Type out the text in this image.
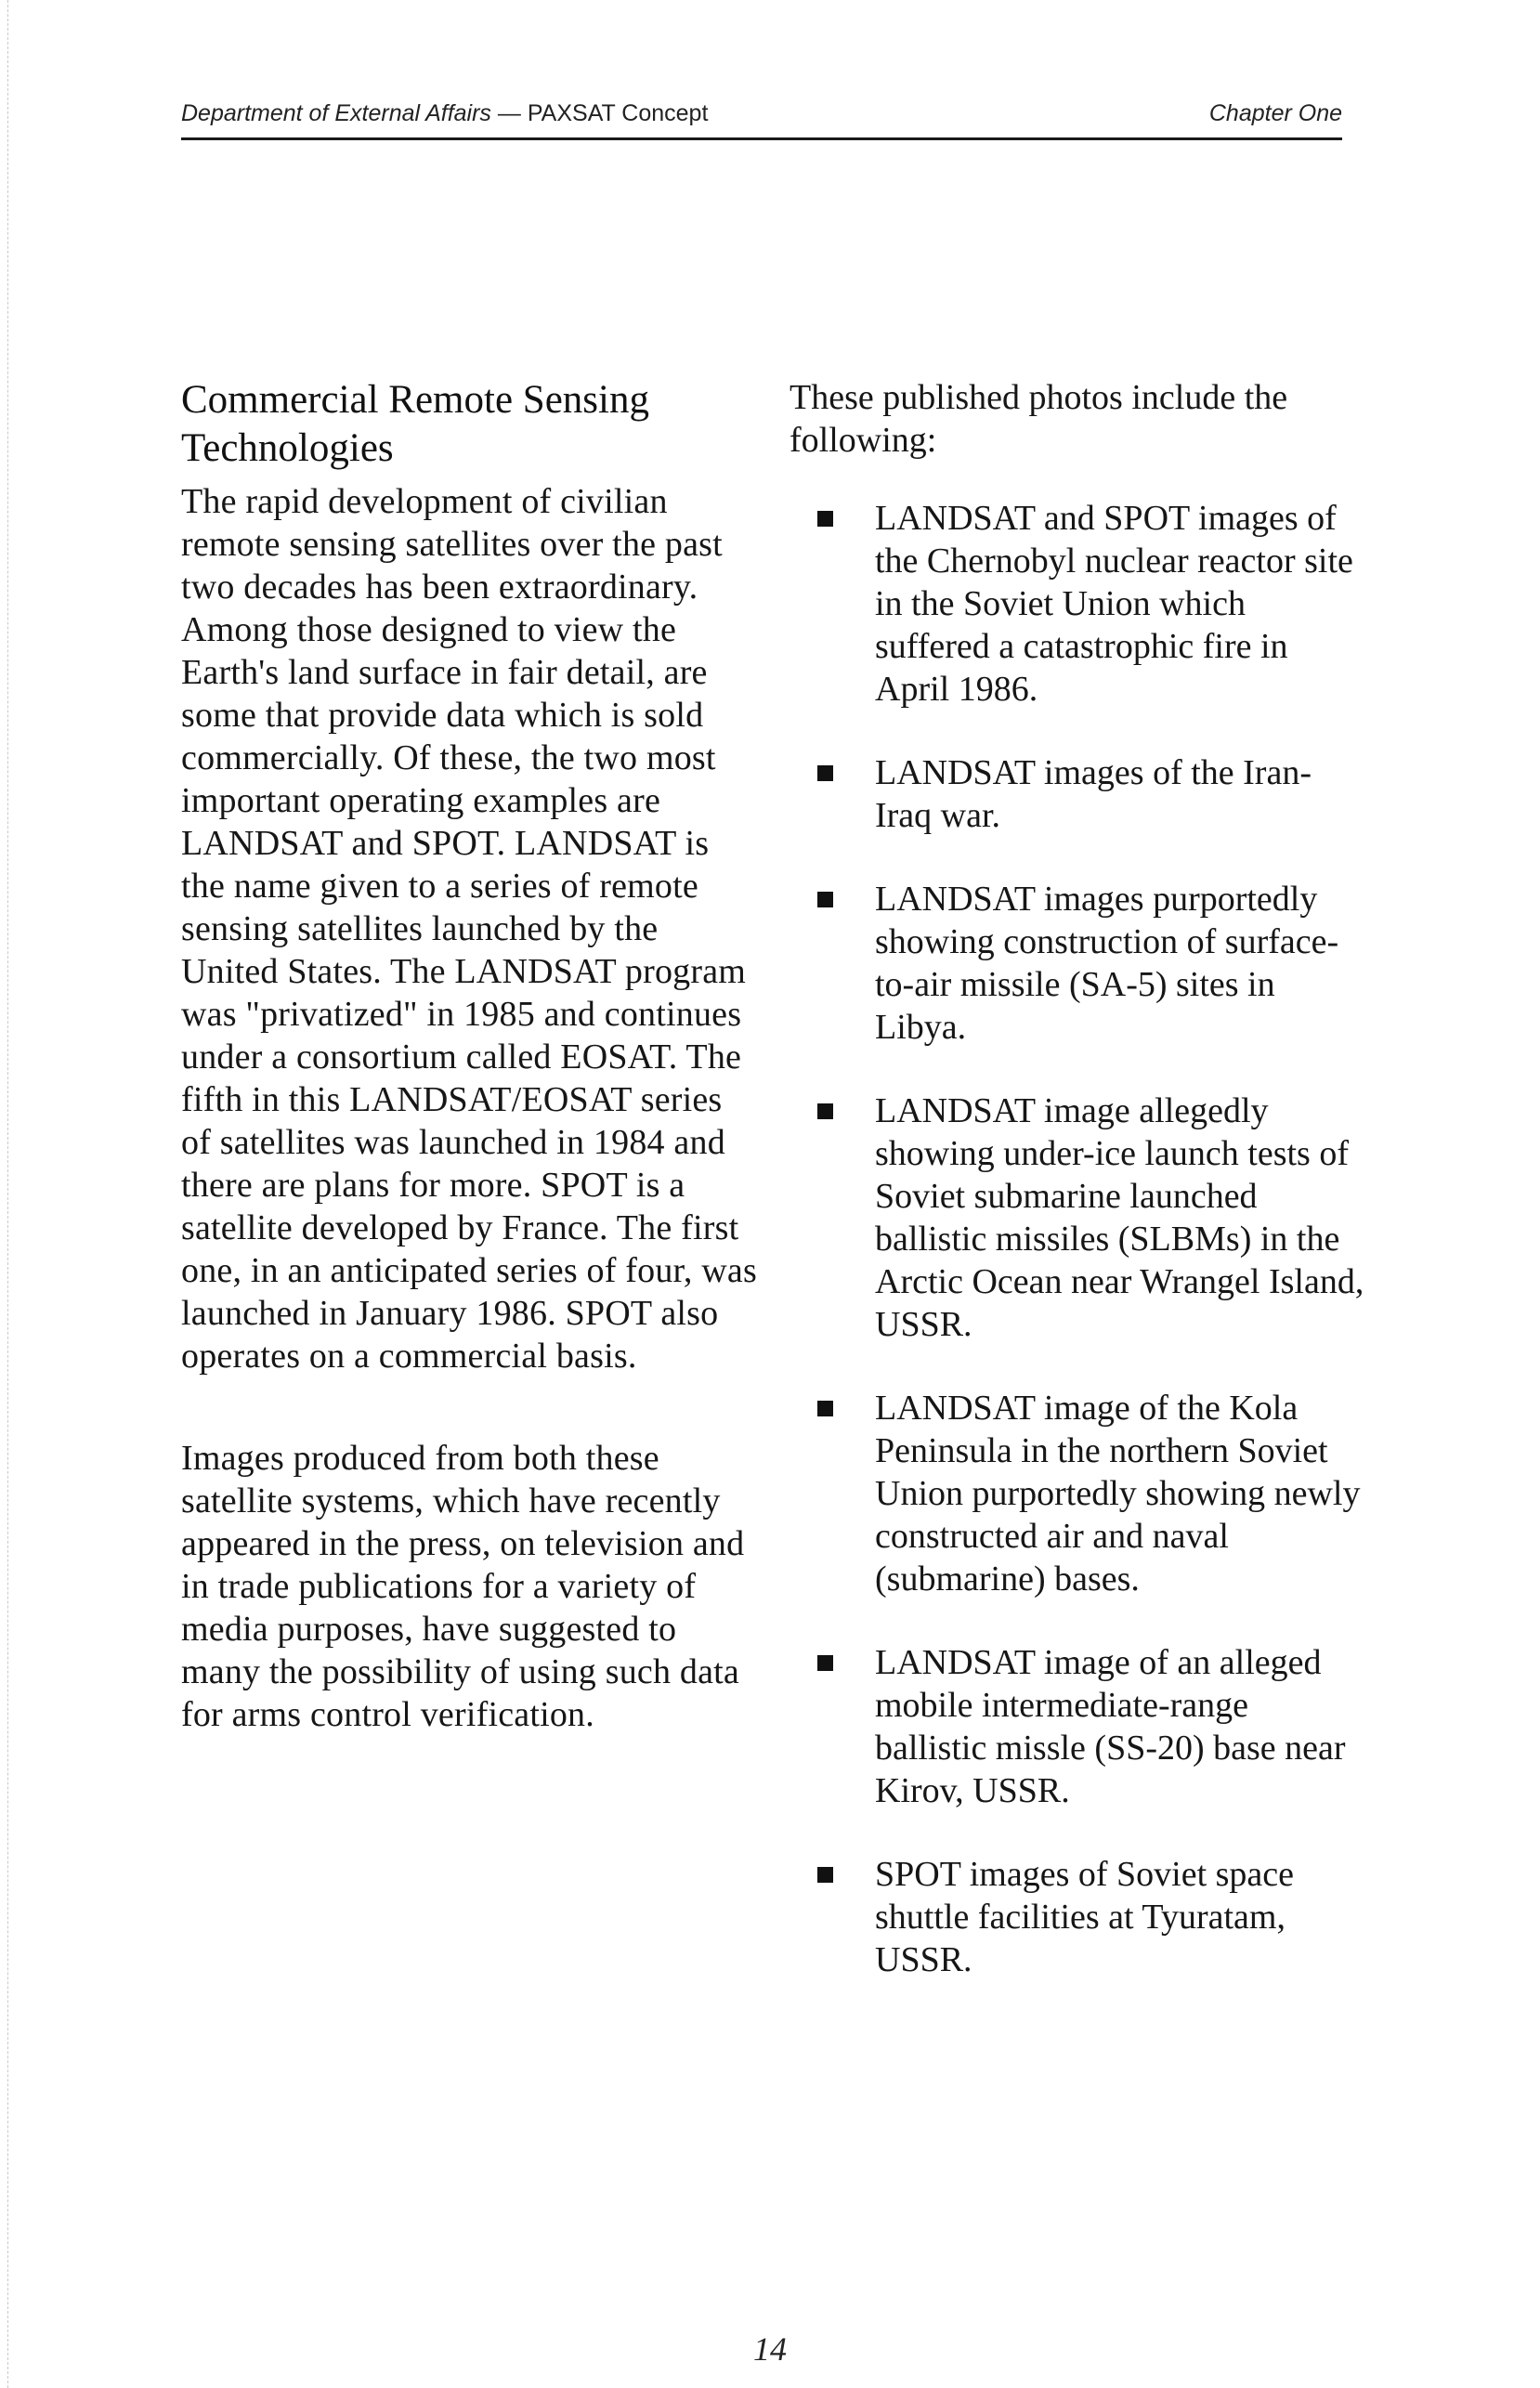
Department of External Affairs — PAXSAT Concept	Chapter One
Commercial Remote Sensing Technologies

The rapid development of civilian remote sensing satellites over the past two decades has been extraordinary. Among those designed to view the Earth's land surface in fair detail, are some that provide data which is sold commercially. Of these, the two most important operating examples are LANDSAT and SPOT. LANDSAT is the name given to a series of remote sensing satellites launched by the United States. The LANDSAT program was "privatized" in 1985 and continues under a consortium called EOSAT. The fifth in this LANDSAT/EOSAT series of satellites was launched in 1984 and there are plans for more. SPOT is a satellite developed by France. The first one, in an anticipated series of four, was launched in January 1986. SPOT also operates on a commercial basis.

Images produced from both these satellite systems, which have recently appeared in the press, on television and in trade publications for a variety of media purposes, have suggested to many the possibility of using such data for arms control verification.

These published photos include the following:

LANDSAT and SPOT images of the Chernobyl nuclear reactor site in the Soviet Union which suffered a catastrophic fire in April 1986.
LANDSAT images of the Iran-Iraq war.
LANDSAT images purportedly showing construction of surface-to-air missile (SA-5) sites in Libya.
LANDSAT image allegedly showing under-ice launch tests of Soviet submarine launched ballistic missiles (SLBMs) in the Arctic Ocean near Wrangel Island, USSR.
LANDSAT image of the Kola Peninsula in the northern Soviet Union purportedly showing newly constructed air and naval (submarine) bases.
LANDSAT image of an alleged mobile intermediate-range ballistic missle (SS-20) base near Kirov, USSR.
SPOT images of Soviet space shuttle facilities at Tyuratam, USSR.
14
